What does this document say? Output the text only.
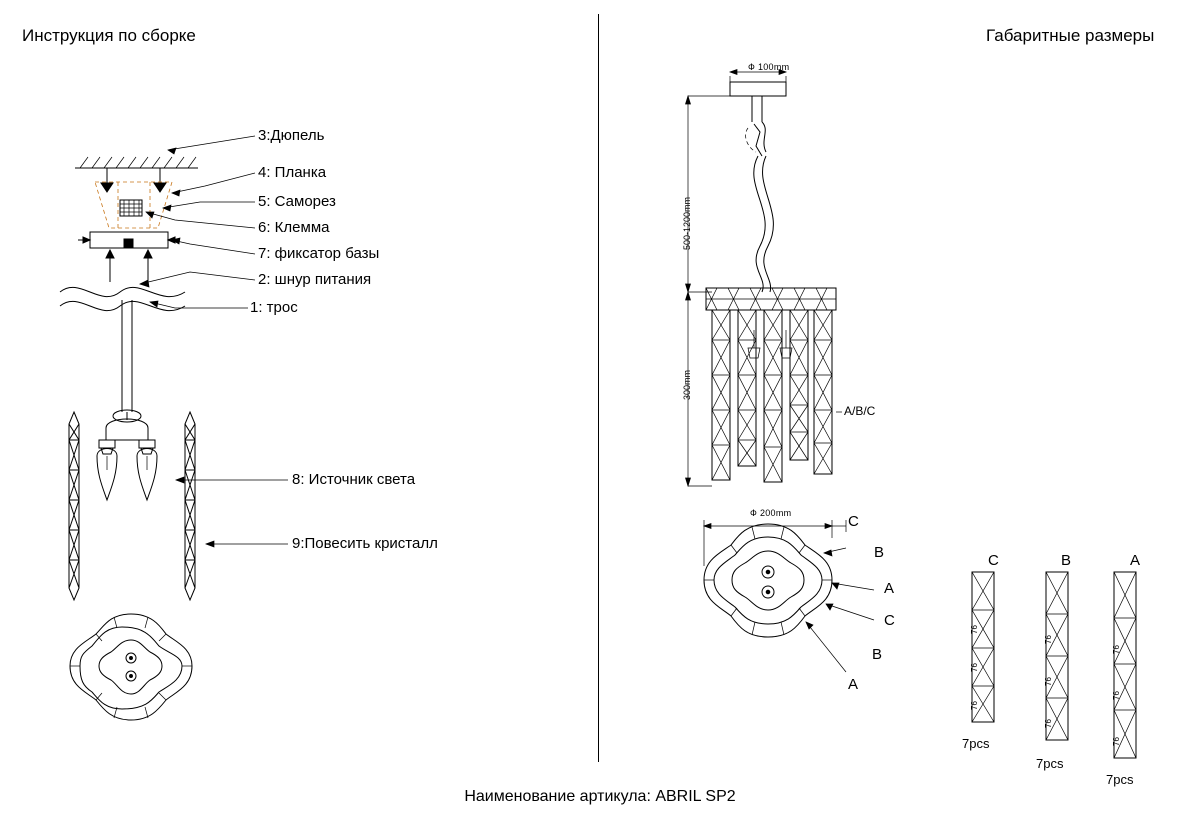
Инструкция по сборке	Габаритные размеры
3:Дюпель
4: Планка
5: Саморез
6: Клемма
7: фиксатор базы
2: шнур питания
1: трос
8: Источник света
9:Повесить кристалл
Ф 100mm
500-1200mm
300mm
Ф 200mm
A/B/C
C
B
A
C
B
A
C	B	A
7pcs
7pcs
7pcs
76
76
76
76
76
76
76
76
76
Наименование артикула: ABRIL SP2
